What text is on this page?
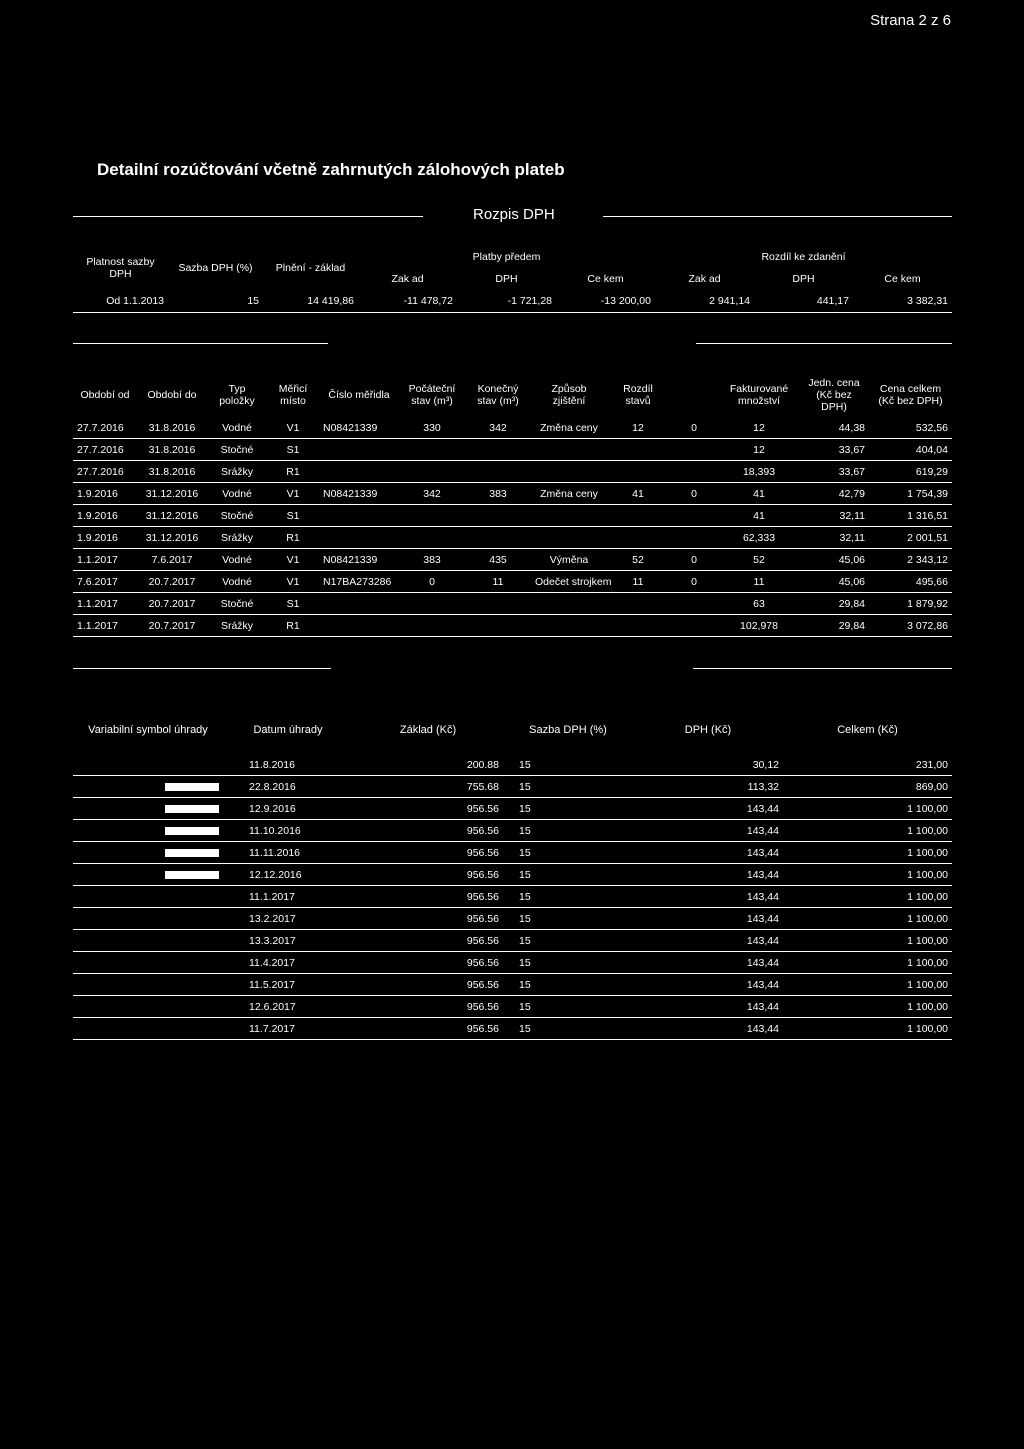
Strana 2 z 6
Detailní rozúčtování včetně zahrnutých zálohových plateb
Rozpis DPH
Platnost sazby DPH	Sazba DPH (%)	Plnění - základ	Platby předem			Rozdíl ke zdanění		
			Zak ad	DPH	Ce kem	Zak ad	DPH	Ce kem
Od 1.1.2013	15	14 419,86	-11 478,72	-1 721,28	-13 200,00	2 941,14	441,17	3 382,31
Období od	Období do	Typ položky	Měřicí místo	Číslo měřidla	Počáteční stav (m³)	Konečný stav (m³)	Způsob zjištění	Rozdíl stavů		Fakturované množství	Jedn. cena (Kč bez DPH)	Cena celkem (Kč bez DPH)
27.7.2016	31.8.2016	Vodné	V1	N08421339	330	342	Změna ceny	12	0	12	44,38	532,56
27.7.2016	31.8.2016	Stočné	S1							12	33,67	404,04
27.7.2016	31.8.2016	Srážky	R1							18,393	33,67	619,29
1.9.2016	31.12.2016	Vodné	V1	N08421339	342	383	Změna ceny	41	0	41	42,79	1 754,39
1.9.2016	31.12.2016	Stočné	S1							41	32,11	1 316,51
1.9.2016	31.12.2016	Srážky	R1							62,333	32,11	2 001,51
1.1.2017	7.6.2017	Vodné	V1	N08421339	383	435	Výměna	52	0	52	45,06	2 343,12
7.6.2017	20.7.2017	Vodné	V1	N17BA273286	0	11	Odečet strojkem	11	0	11	45,06	495,66
1.1.2017	20.7.2017	Stočné	S1							63	29,84	1 879,92
1.1.2017	20.7.2017	Srážky	R1							102,978	29,84	3 072,86
Variabilní symbol úhrady	Datum úhrady	Základ (Kč)	Sazba DPH (%)	DPH (Kč)	Celkem (Kč)

	11.8.2016	200.88	15	30,12	231,00
	22.8.2016	755.68	15	113,32	869,00
	12.9.2016	956.56	15	143,44	1 100,00
	11.10.2016	956.56	15	143,44	1 100,00
	11.11.2016	956.56	15	143,44	1 100,00
	12.12.2016	956.56	15	143,44	1 100,00
	11.1.2017	956.56	15	143,44	1 100,00
	13.2.2017	956.56	15	143,44	1 100,00
	13.3.2017	956.56	15	143,44	1 100,00
	11.4.2017	956.56	15	143,44	1 100,00
	11.5.2017	956.56	15	143,44	1 100,00
	12.6.2017	956.56	15	143,44	1 100,00
	11.7.2017	956.56	15	143,44	1 100,00
